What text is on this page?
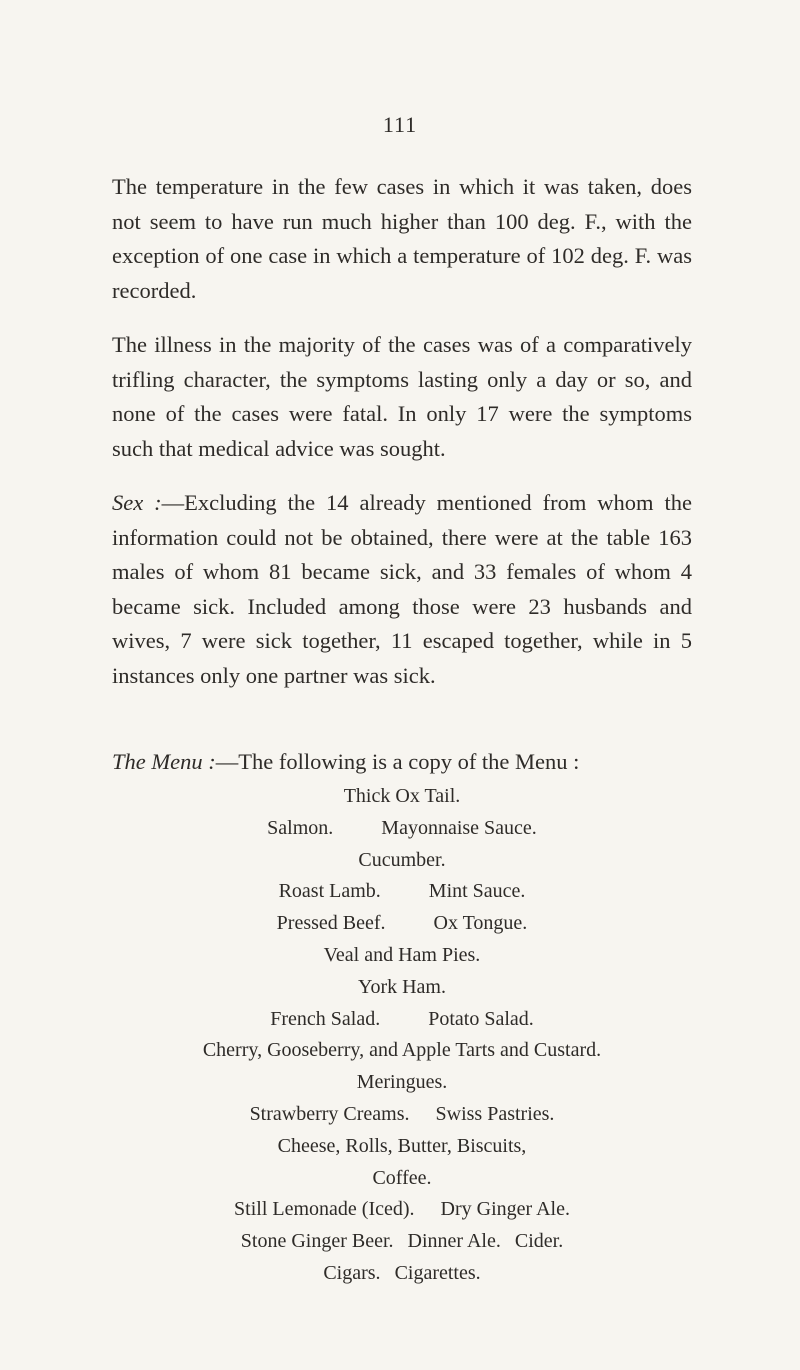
111

The temperature in the few cases in which it was taken, does not seem to have run much higher than 100 deg. F., with the exception of one case in which a temperature of 102 deg. F. was recorded.

The illness in the majority of the cases was of a comparatively trifling character, the symptoms lasting only a day or so, and none of the cases were fatal. In only 17 were the symptoms such that medical advice was sought.

Sex :—Excluding the 14 already mentioned from whom the information could not be obtained, there were at the table 163 males of whom 81 became sick, and 33 females of whom 4 became sick. Included among those were 23 husbands and wives, 7 were sick together, 11 escaped together, while in 5 instances only one partner was sick.

The Menu :—The following is a copy of the Menu :

Thick Ox Tail.
Salmon. Mayonnaise Sauce.
Cucumber.
Roast Lamb. Mint Sauce.
Pressed Beef. Ox Tongue.
Veal and Ham Pies.
York Ham.
French Salad. Potato Salad.
Cherry, Gooseberry, and Apple Tarts and Custard.
Meringues.
Strawberry Creams. Swiss Pastries.
Cheese, Rolls, Butter, Biscuits,
Coffee.
Still Lemonade (Iced). Dry Ginger Ale.
Stone Ginger Beer. Dinner Ale. Cider.
Cigars. Cigarettes.
